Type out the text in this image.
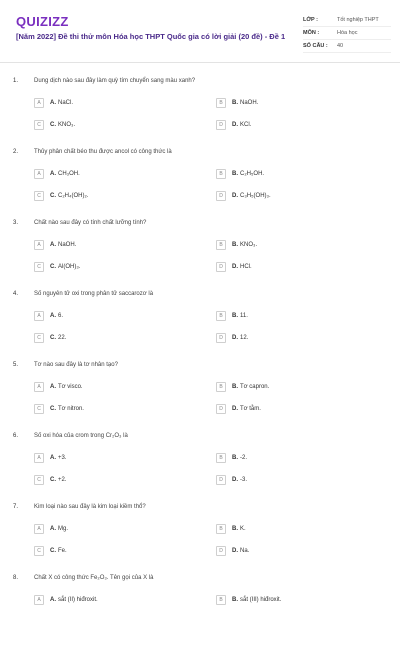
QUIZIZZ
[Năm 2022] Đề thi thử môn Hóa học THPT Quốc gia có lời giải (20 đề) - Đề 1
LỚP :	Tốt nghiệp THPT
MÔN :	Hóa học
SỐ CÂU :	40
1.	Dung dịch nào sau đây làm quỳ tím chuyển sang màu xanh?
A	A. NaCl.	B	B. NaOH.
C	C. KNO₃.	D	D. KCl.
2.	Thủy phân chất béo thu được ancol có công thức là
A	A. CH₃OH.	B	B. C₂H₅OH.
C	C. C₂H₄(OH)₂.	D	D. C₃H₅(OH)₃.
3.	Chất nào sau đây có tính chất lưỡng tính?
A	A. NaOH.	B	B. KNO₃.
C	C. Al(OH)₃.	D	D. HCl.
4.	Số nguyên tử oxi trong phân tử saccarozơ là
A	A. 6.	B	B. 11.
C	C. 22.	D	D. 12.
5.	Tơ nào sau đây là tơ nhân tạo?
A	A. Tơ visco.	B	B. Tơ capron.
C	C. Tơ nitron.	D	D. Tơ tằm.
6.	Số oxi hóa của crom trong Cr₂O₃ là
A	A. +3.	B	B. -2.
C	C. +2.	D	D. -3.
7.	Kim loại nào sau đây là kim loại kiềm thổ?
A	A. Mg.	B	B. K.
C	C. Fe.	D	D. Na.
8.	Chất X có công thức Fe₂O₃. Tên gọi của X là
A	A. sắt (II) hiđroxit.	B	B. sắt (III) hiđroxit.
